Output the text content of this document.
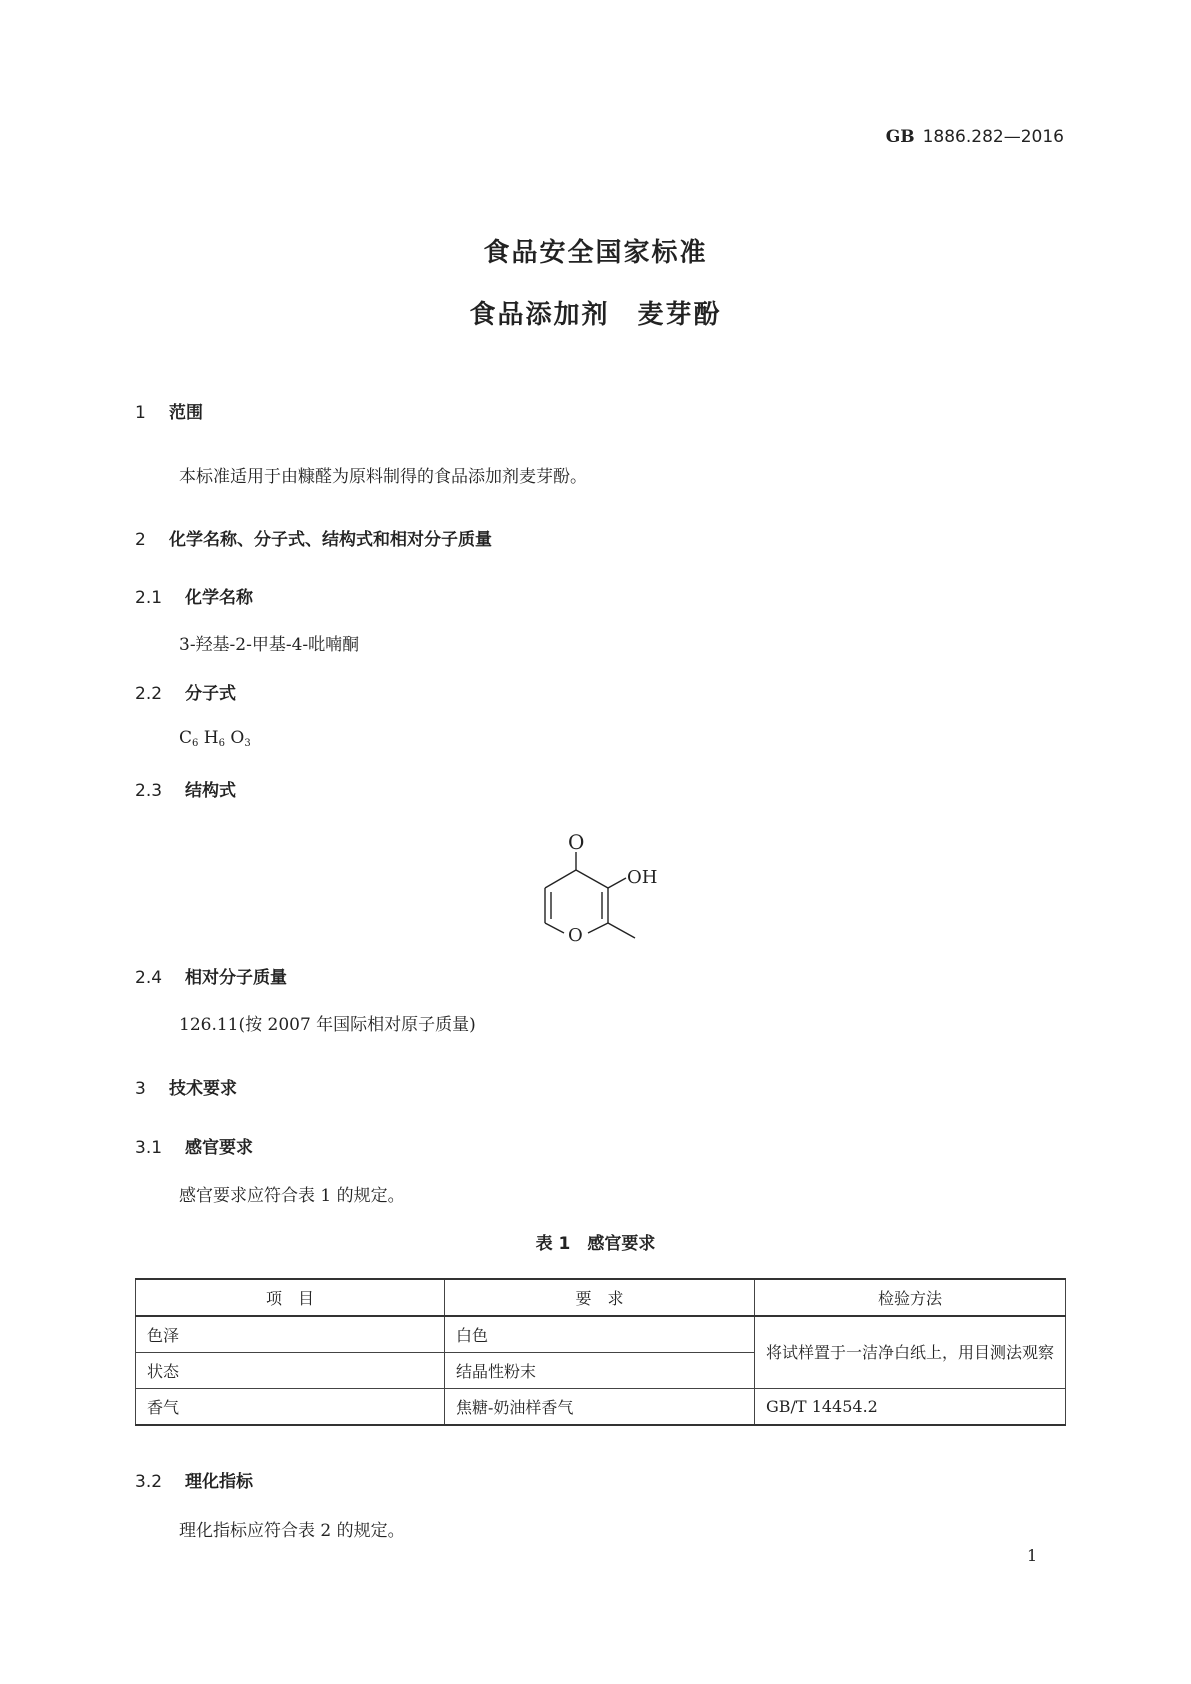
GB 1886.282—2016
食品安全国家标准
食品添加剂　麦芽酚
1 范围
本标准适用于由糠醛为原料制得的食品添加剂麦芽酚。
2 化学名称、分子式、结构式和相对分子质量
2.1 化学名称
3-羟基-2-甲基-4-吡喃酮
2.2 分子式
$C_6$ $H_6$ $O_3$
2.3 结构式
O
OH
O
2.4 相对分子质量
126.11(按 2007 年国际相对原子质量)
3 技术要求
3.1 感官要求
感官要求应符合表 1 的规定。
表 1　感官要求
项　目	要　求	检验方法
色泽	白色	将试样置于一洁净白纸上，用目测法观察
状态	结晶性粉末	
香气	焦糖-奶油样香气	GB/T 14454.2
3.2 理化指标
理化指标应符合表 2 的规定。
1
